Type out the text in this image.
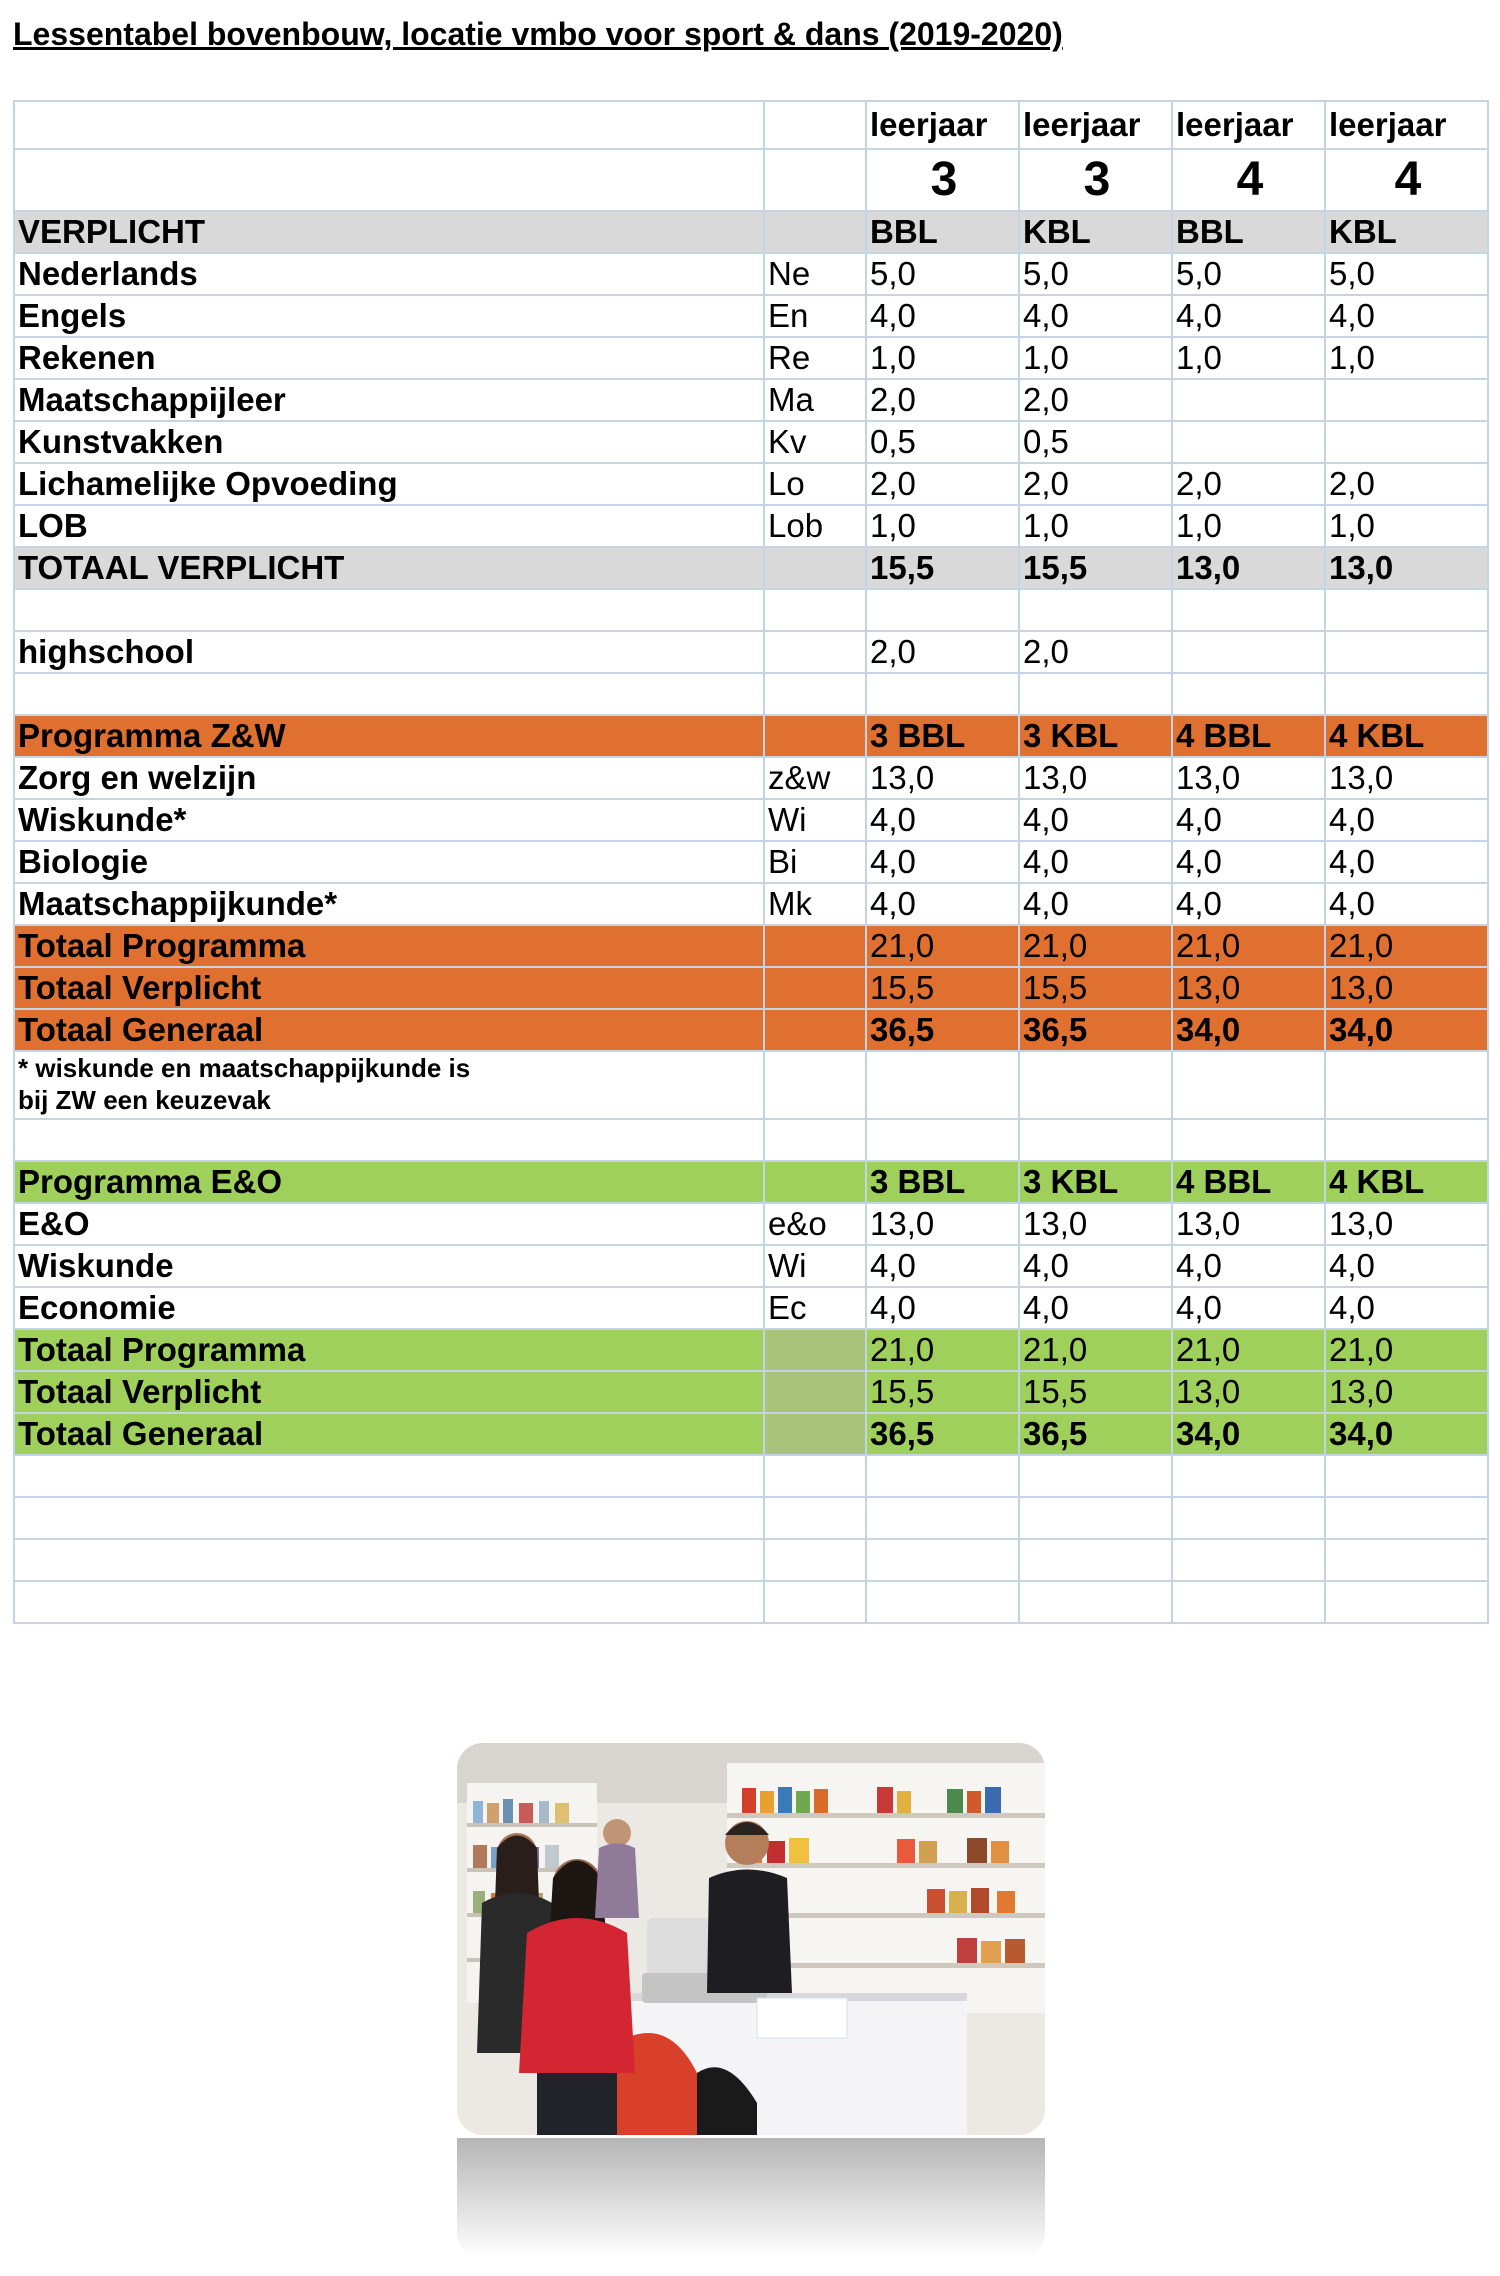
Lessentabel bovenbouw, locatie vmbo voor sport & dans (2019-2020)
		leerjaar	leerjaar	leerjaar	leerjaar
		3	3	4	4
VERPLICHT		BBL	KBL	BBL	KBL
Nederlands	Ne	5,0	5,0	5,0	5,0
Engels	En	4,0	4,0	4,0	4,0
Rekenen	Re	1,0	1,0	1,0	1,0
Maatschappijleer	Ma	2,0	2,0		
Kunstvakken	Kv	0,5	0,5		
Lichamelijke Opvoeding	Lo	2,0	2,0	2,0	2,0
LOB	Lob	1,0	1,0	1,0	1,0
TOTAAL VERPLICHT		15,5	15,5	13,0	13,0

highschool		2,0	2,0		

Programma Z&W		3 BBL	3 KBL	4 BBL	4 KBL
Zorg en welzijn	z&w	13,0	13,0	13,0	13,0
Wiskunde*	Wi	4,0	4,0	4,0	4,0
Biologie	Bi	4,0	4,0	4,0	4,0
Maatschappijkunde*	Mk	4,0	4,0	4,0	4,0
Totaal Programma		21,0	21,0	21,0	21,0
Totaal Verplicht		15,5	15,5	13,0	13,0
Totaal Generaal		36,5	36,5	34,0	34,0
* wiskunde en maatschappijkunde is bij ZW een keuzevak					

Programma E&O		3 BBL	3 KBL	4 BBL	4 KBL
E&O	e&o	13,0	13,0	13,0	13,0
Wiskunde	Wi	4,0	4,0	4,0	4,0
Economie	Ec	4,0	4,0	4,0	4,0
Totaal Programma		21,0	21,0	21,0	21,0
Totaal Verplicht		15,5	15,5	13,0	13,0
Totaal Generaal		36,5	36,5	34,0	34,0
